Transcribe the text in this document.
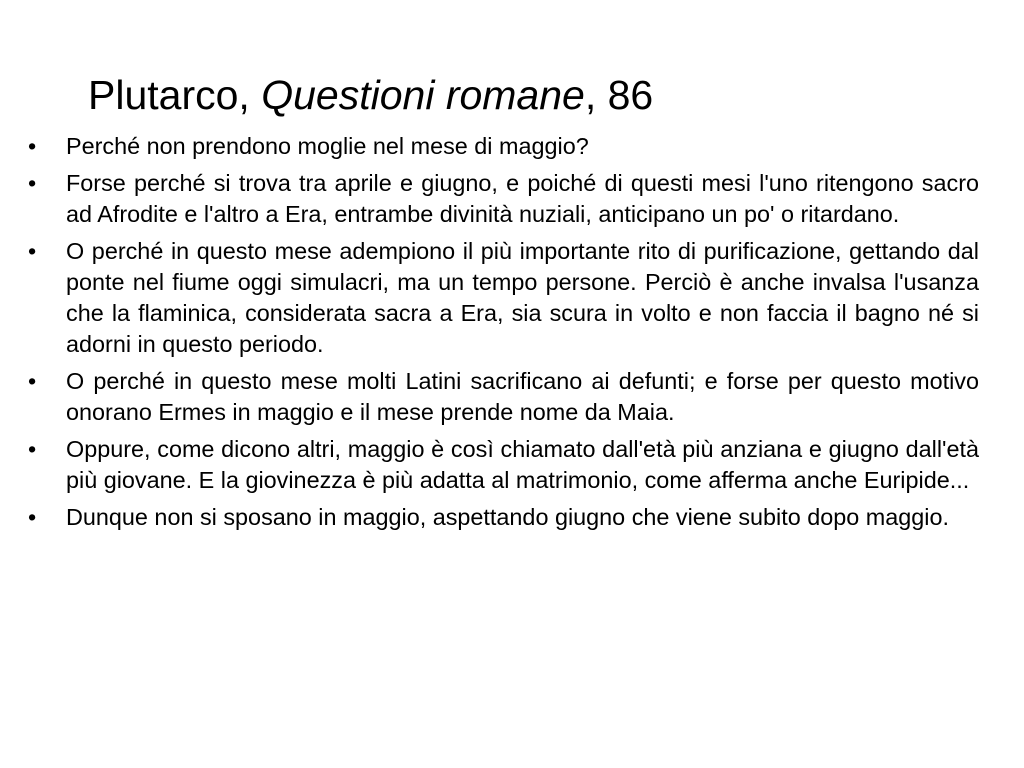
Plutarco, Questioni romane, 86
•	Perché non prendono moglie nel mese di maggio?
•	Forse perché si trova tra aprile e giugno, e poiché di questi mesi l'uno ritengono sacro ad Afrodite e l'altro a Era, entrambe divinità nuziali, anticipano un po' o ritardano.
•	O perché in questo mese adempiono il più importante rito di purificazione, gettando dal ponte nel fiume oggi simulacri, ma un tempo persone. Perciò è anche invalsa l'usanza che la flaminica, considerata sacra a Era, sia scura in volto e non faccia il bagno né si adorni in questo periodo.
•	O perché in questo mese molti Latini sacrificano ai defunti; e forse per questo motivo onorano Ermes in maggio e il mese prende nome da Maia.
•	Oppure, come dicono altri, maggio è così chiamato dall'età più anziana e giugno dall'età più giovane. E la giovinezza è più adatta al matrimonio, come afferma anche Euripide...
•	Dunque non si sposano in maggio, aspettando giugno che viene subito dopo maggio.
